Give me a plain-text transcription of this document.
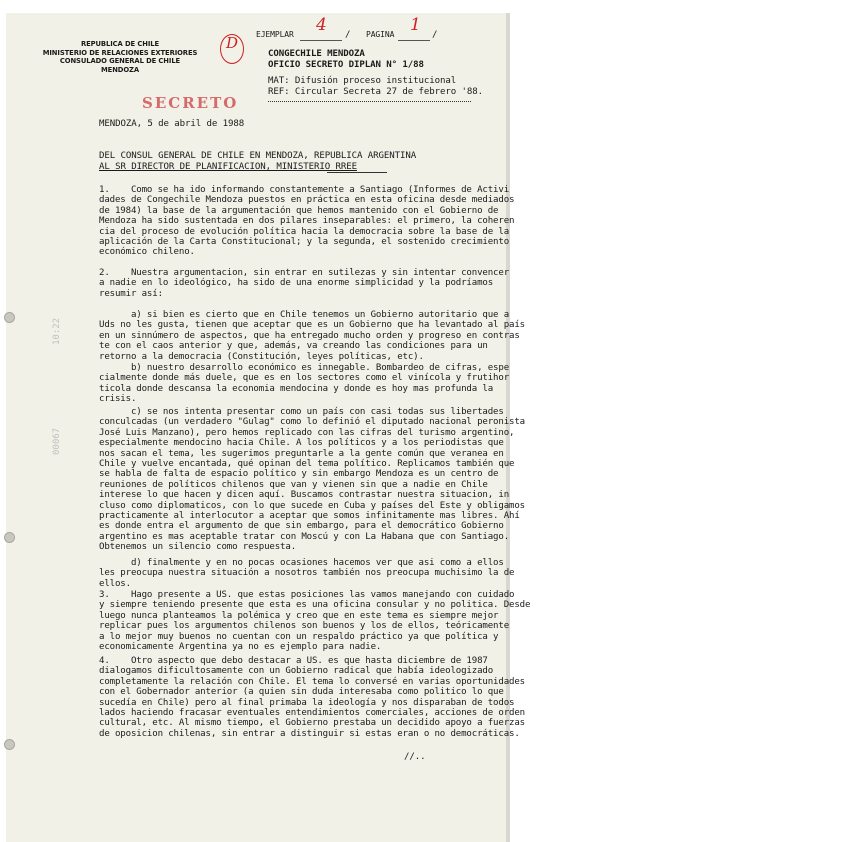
EJEMPLAR 4 / PAGINA 1 /
REPUBLICA DE CHILE
MINISTERIO DE RELACIONES EXTERIORES
CONSULADO GENERAL DE CHILE
MENDOZA
D
SECRETO
CONGECHILE MENDOZA
OFICIO SECRETO DIPLAN N° 1/88
MAT: Difusión proceso institucional
REF: Circular Secreta 27 de febrero '88.
MENDOZA, 5 de abril de 1988
DEL CONSUL GENERAL DE CHILE EN MENDOZA, REPUBLICA ARGENTINA
AL SR DIRECTOR DE PLANIFICACION, MINISTERIO RREE
1.    Como se ha ido informando constantemente a Santiago (Informes de Activi
dades de Congechile Mendoza puestos en práctica en esta oficina desde mediados
de 1984) la base de la argumentación que hemos mantenido con el Gobierno de
Mendoza ha sido sustentada en dos pilares inseparables: el primero, la coheren
cia del proceso de evolución política hacia la democracia sobre la base de la
aplicación de la Carta Constitucional; y la segunda, el sostenido crecimiento
económico chileno.
2.    Nuestra argumentacion, sin entrar en sutilezas y sin intentar convencer
a nadie en lo ideológico, ha sido de una enorme simplicidad y la podríamos
resumir así:
a) si bien es cierto que en Chile tenemos un Gobierno autoritario que a
Uds no les gusta, tienen que aceptar que es un Gobierno que ha levantado al país
en un sinnúmero de aspectos, que ha entregado mucho orden y progreso en contras
te con el caos anterior y que, además, va creando las condiciones para un
retorno a la democracia (Constitución, leyes políticas, etc).
b) nuestro desarrollo económico es innegable. Bombardeo de cifras, espe
cialmente donde más duele, que es en los sectores como el vinícola y frutihor
ticola donde descansa la economia mendocina y donde es hoy mas profunda la
crisis.
c) se nos intenta presentar como un país con casi todas sus libertades
conculcadas (un verdadero "Gulag" como lo definió el diputado nacional peronista
José Luis Manzano), pero hemos replicado con las cifras del turismo argentino,
especialmente mendocino hacia Chile. A los políticos y a los periodistas que
nos sacan el tema, les sugerimos preguntarle a la gente común que veranea en
Chile y vuelve encantada, qué opinan del tema político. Replicamos también que
se habla de falta de espacio político y sin embargo Mendoza es un centro de
reuniones de políticos chilenos que van y vienen sin que a nadie en Chile
interese lo que hacen y dicen aquí. Buscamos contrastar nuestra situacion, in
cluso como diplomaticos, con lo que sucede en Cuba y países del Este y obligamos
practicamente al interlocutor a aceptar que somos infinitamente mas libres. Ahí
es donde entra el argumento de que sin embargo, para el democrático Gobierno
argentino es mas aceptable tratar con Moscú y con La Habana que con Santiago.
Obtenemos un silencio como respuesta.
d) finalmente y en no pocas ocasiones hacemos ver que asi como a ellos
les preocupa nuestra situación a nosotros también nos preocupa muchisimo la de
ellos.
3.    Hago presente a US. que estas posiciones las vamos manejando con cuidado
y siempre teniendo presente que esta es una oficina consular y no politica. Desde
luego nunca planteamos la polémica y creo que en este tema es siempre mejor
replicar pues los argumentos chilenos son buenos y los de ellos, teóricamente
a lo mejor muy buenos no cuentan con un respaldo práctico ya que política y
economicamente Argentina ya no es ejemplo para nadie.
4.    Otro aspecto que debo destacar a US. es que hasta diciembre de 1987
dialogamos dificultosamente con un Gobierno radical que había ideologizado
completamente la relación con Chile. El tema lo conversé en varias oportunidades
con el Gobernador anterior (a quien sin duda interesaba como politico lo que
sucedía en Chile) pero al final primaba la ideología y nos disparaban de todos
lados haciendo fracasar eventuales entendimientos comerciales, acciones de orden
cultural, etc. Al mismo tiempo, el Gobierno prestaba un decidido apoyo a fuerzas
de oposicion chilenas, sin entrar a distinguir si estas eran o no democráticas.
//..
00067
10:22
